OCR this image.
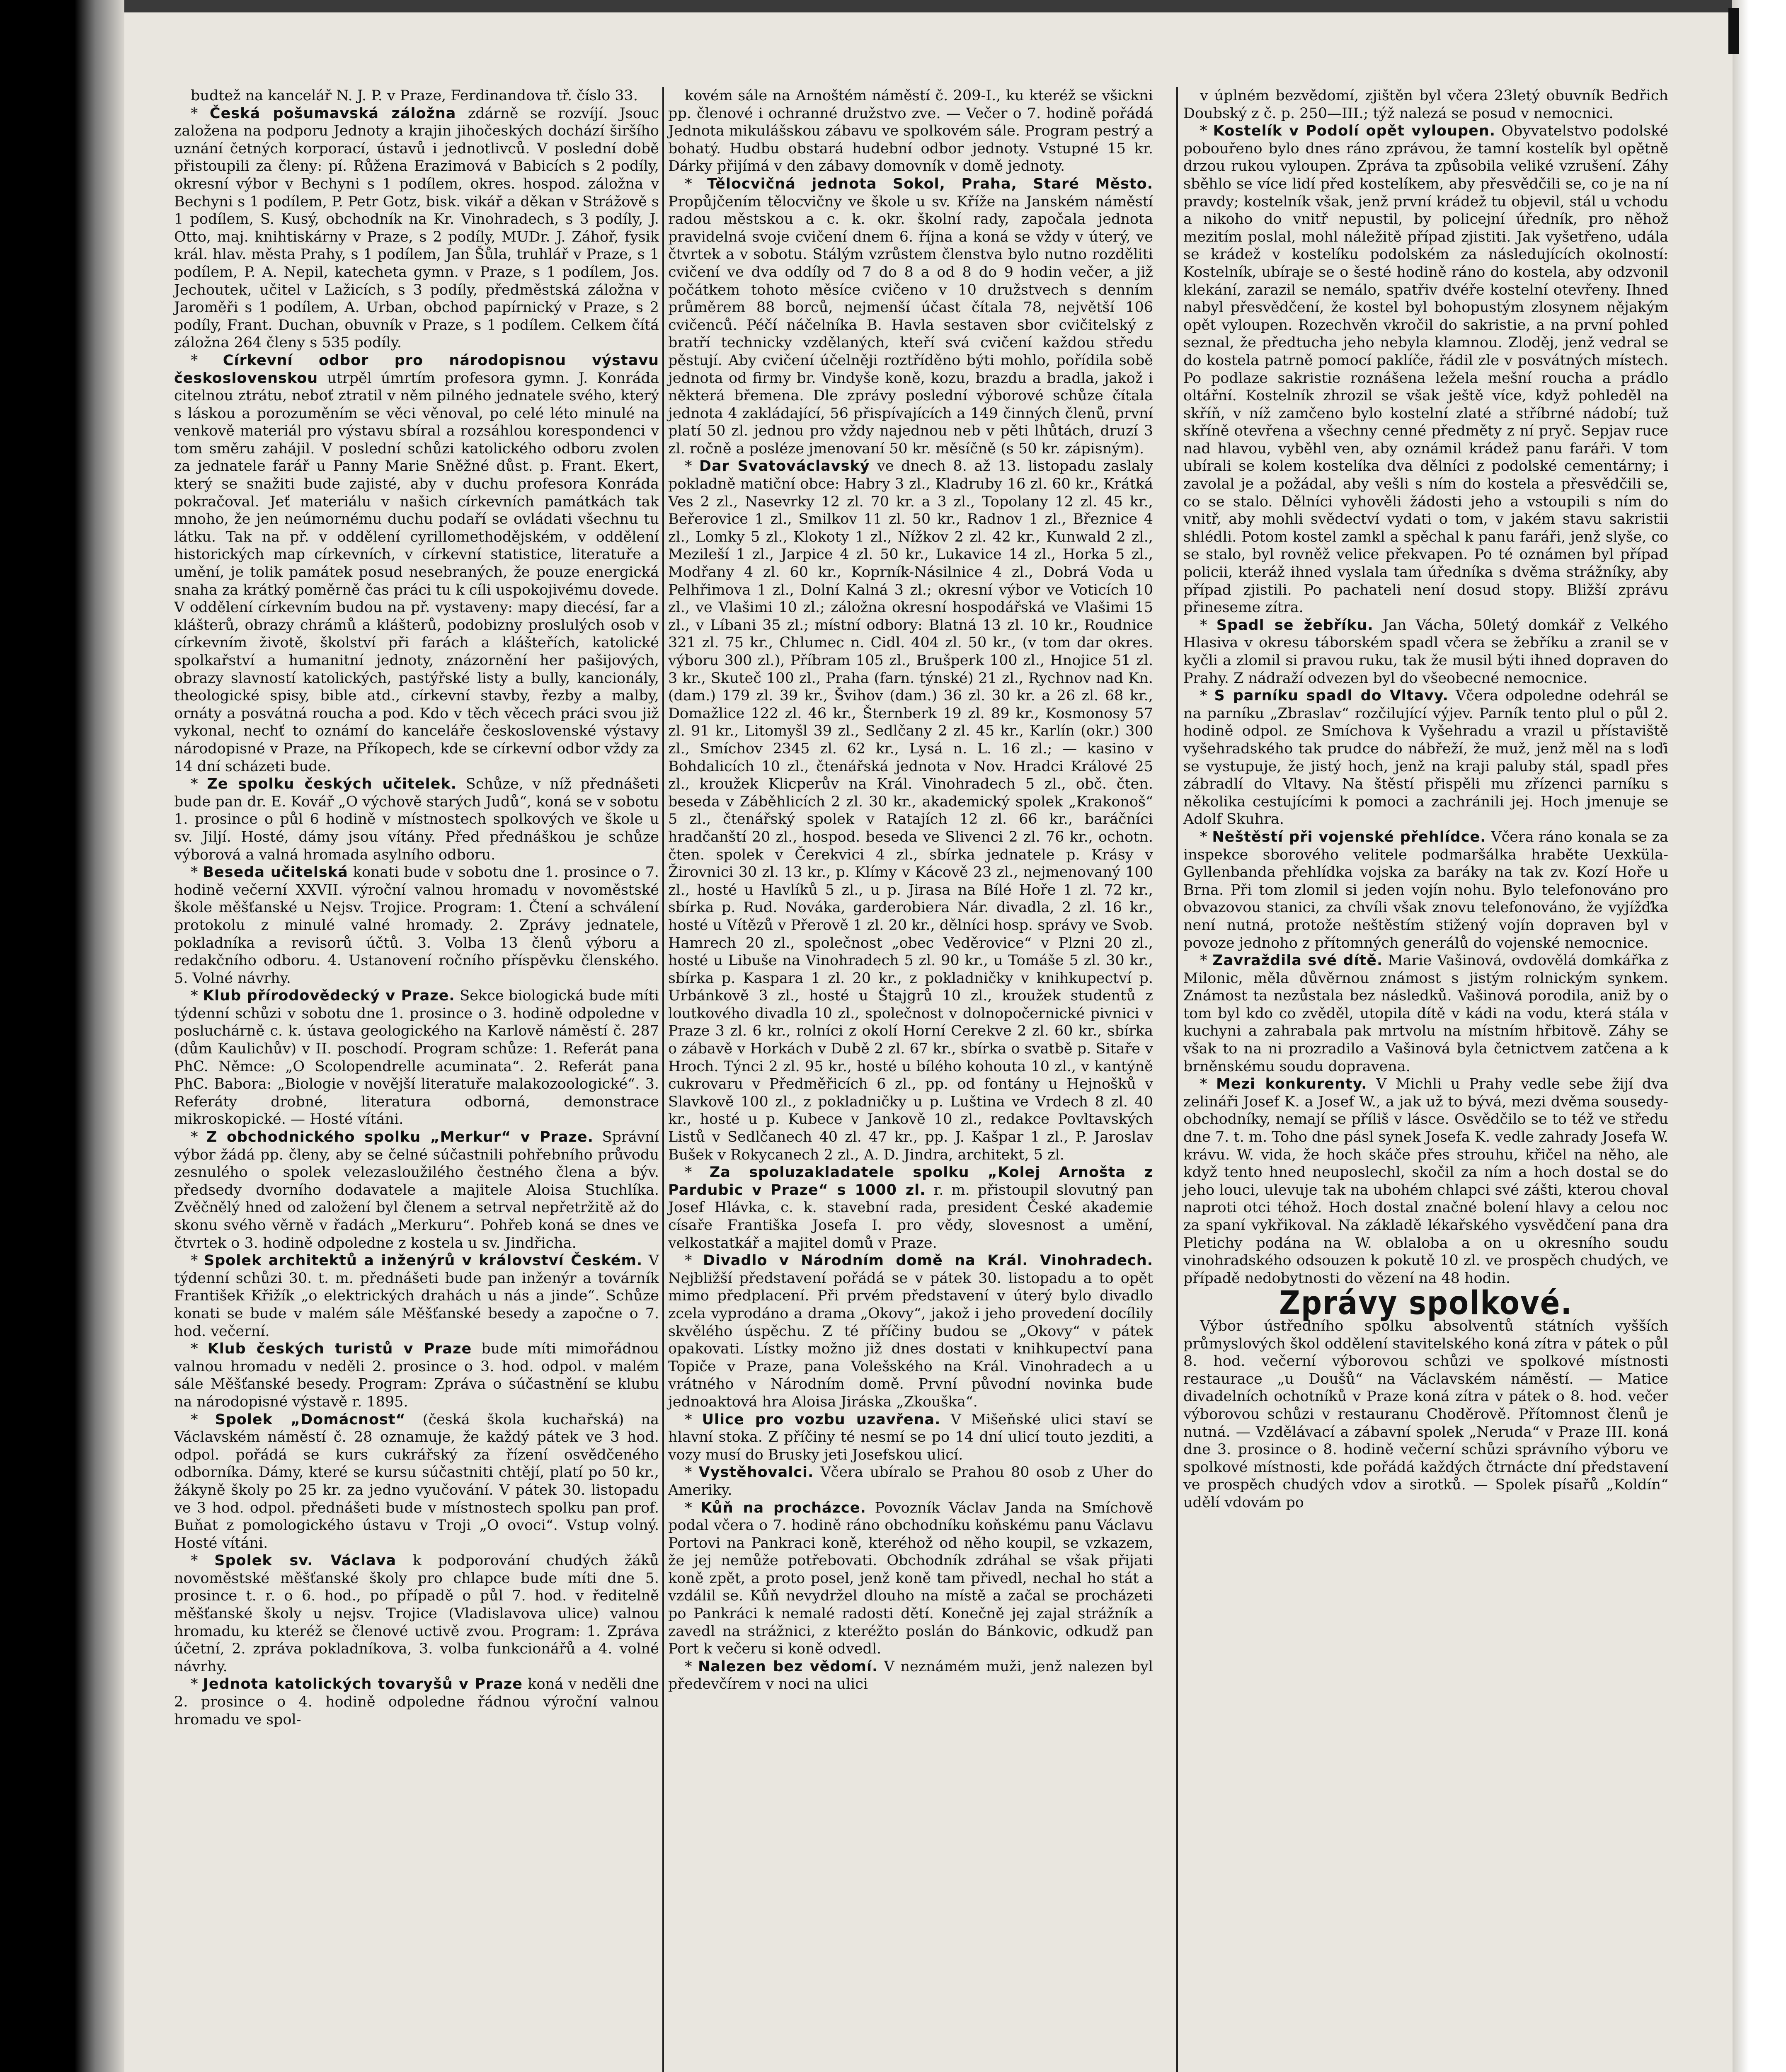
budtež na kancelář N. J. P. v Praze, Ferdinandova tř. číslo 33.

* Česká pošumavská záložna zdárně se rozvíjí. Jsouc založena na podporu Jednoty a krajin jihočeských dochází širšího uznání četných korporací, ústavů i jednotlivců. V poslední době přistoupili za členy: pí. Růžena Erazimová v Babicích s 2 podíly, okresní výbor v Bechyni s 1 podílem, okres. hospod. záložna v Bechyni s 1 podílem, P. Petr Gotz, bisk. vikář a děkan v Strážově s 1 podílem, S. Kusý, obchodník na Kr. Vinohradech, s 3 podíly, J. Otto, maj. knihtiskárny v Praze, s 2 podíly, MUDr. J. Záhoř, fysik král. hlav. města Prahy, s 1 podílem, Jan Šůla, truhlář v Praze, s 1 podílem, P. A. Nepil, katecheta gymn. v Praze, s 1 podílem, Jos. Jechoutek, učitel v Lažicích, s 3 podíly, předměstská záložna v Jaroměři s 1 podílem, A. Urban, obchod papírnický v Praze, s 2 podíly, Frant. Duchan, obuvník v Praze, s 1 podílem. Celkem čítá záložna 264 členy s 535 podíly.

* Církevní odbor pro národopisnou výstavu československou utrpěl úmrtím profesora gymn. J. Konráda citelnou ztrátu, neboť ztratil v něm pilného jednatele svého, který s láskou a porozuměním se věci věnoval, po celé léto minulé na venkově materiál pro výstavu sbíral a rozsáhlou korespondenci v tom směru zahájil. V poslední schůzi katolického odboru zvolen za jednatele farář u Panny Marie Sněžné důst. p. Frant. Ekert, který se snažiti bude zajisté, aby v duchu profesora Konráda pokračoval. Jeť materiálu v našich církevních památkách tak mnoho, že jen neúmornému duchu podaří se ovládati všechnu tu látku. Tak na př. v oddělení cyrillomethodějském, v oddělení historických map církevních, v církevní statistice, literatuře a umění, je tolik památek posud nesebraných, že pouze energická snaha za krátký poměrně čas práci tu k cíli uspokojivému dovede. V oddělení církevním budou na př. vystaveny: mapy diecésí, far a klášterů, obrazy chrámů a klášterů, podobizny proslulých osob v církevním životě, školství při farách a klášteřích, katolické spolkařství a humanitní jednoty, znázornění her pašijových, obrazy slavností katolických, pastýřské listy a bully, kancionály, theologické spisy, bible atd., církevní stavby, řezby a malby, ornáty a posvátná roucha a pod. Kdo v těch věcech práci svou již vykonal, nechť to oznámí do kanceláře československé výstavy národopisné v Praze, na Příkopech, kde se církevní odbor vždy za 14 dní scházeti bude.

* Ze spolku českých učitelek. Schůze, v níž přednášeti bude pan dr. E. Kovář „O výchově starých Judů“, koná se v sobotu 1. prosince o půl 6 hodině v místnostech spolkových ve škole u sv. Jiljí. Hosté, dámy jsou vítány. Před přednáškou je schůze výborová a valná hromada asylního odboru.

* Beseda učitelská konati bude v sobotu dne 1. prosince o 7. hodině večerní XXVII. výroční valnou hromadu v novoměstské škole měšťanské u Nejsv. Trojice. Program: 1. Čtení a schválení protokolu z minulé valné hromady. 2. Zprávy jednatele, pokladníka a revisorů účtů. 3. Volba 13 členů výboru a redakčního odboru. 4. Ustanovení ročního příspěvku členského. 5. Volné návrhy.

* Klub přírodovědecký v Praze. Sekce biologická bude míti týdenní schůzi v sobotu dne 1. prosince o 3. hodině odpoledne v posluchárně c. k. ústava geologického na Karlově náměstí č. 287 (dům Kaulichův) v II. poschodí. Program schůze: 1. Referát pana PhC. Němce: „O Scolopendrelle acuminata“. 2. Referát pana PhC. Babora: „Biologie v novější literatuře malakozoologické“. 3. Referáty drobné, literatura odborná, demonstrace mikroskopické. — Hosté vítáni.

* Z obchodnického spolku „Merkur“ v Praze. Správní výbor žádá pp. členy, aby se čelné súčastnili pohřebního průvodu zesnulého o spolek velezasloužilého čestného člena a býv. předsedy dvorního dodavatele a majitele Aloisa Stuchlíka. Zvěčnělý hned od založení byl členem a setrval nepřetržitě až do skonu svého věrně v řadách „Merkuru“. Pohřeb koná se dnes ve čtvrtek o 3. hodině odpoledne z kostela u sv. Jindřicha.

* Spolek architektů a inženýrů v království Českém. V týdenní schůzi 30. t. m. přednášeti bude pan inženýr a továrník František Křižík „o elektrických drahách u nás a jinde“. Schůze konati se bude v malém sále Měšťanské besedy a započne o 7. hod. večerní.

* Klub českých turistů v Praze bude míti mimořádnou valnou hromadu v neděli 2. prosince o 3. hod. odpol. v malém sále Měšťanské besedy. Program: Zpráva o súčastnění se klubu na národopisné výstavě r. 1895.

* Spolek „Domácnost“ (česká škola kuchařská) na Václavském náměstí č. 28 oznamuje, že každý pátek ve 3 hod. odpol. pořádá se kurs cukrářský za řízení osvědčeného odborníka. Dámy, které se kursu súčastniti chtějí, platí po 50 kr., žákyně školy po 25 kr. za jedno vyučování. V pátek 30. listopadu ve 3 hod. odpol. přednášeti bude v místnostech spolku pan prof. Buňat z pomologického ústavu v Troji „O ovoci“. Vstup volný. Hosté vítáni.

* Spolek sv. Václava k podporování chudých žáků novoměstské měšťanské školy pro chlapce bude míti dne 5. prosince t. r. o 6. hod., po případě o půl 7. hod. v ředitelně měšťanské školy u nejsv. Trojice (Vladislavova ulice) valnou hromadu, ku kteréž se členové uctivě zvou. Program: 1. Zpráva účetní, 2. zpráva pokladníkova, 3. volba funkcionářů a 4. volné návrhy.

* Jednota katolických tovaryšů v Praze koná v neděli dne 2. prosince o 4. hodině odpoledne řádnou výroční valnou hromadu ve spol-

kovém sále na Arnoštém náměstí č. 209-I., ku kteréž se všickni pp. členové i ochranné družstvo zve. — Večer o 7. hodině pořádá Jednota mikulášskou zábavu ve spolkovém sále. Program pestrý a bohatý. Hudbu obstará hudební odbor jednoty. Vstupné 15 kr. Dárky přijímá v den zábavy domovník v domě jednoty.

* Tělocvičná jednota Sokol, Praha, Staré Město. Propůjčením tělocvičny ve škole u sv. Kříže na Janském náměstí radou městskou a c. k. okr. školní rady, započala jednota pravidelná svoje cvičení dnem 6. října a koná se vždy v úterý, ve čtvrtek a v sobotu. Stálým vzrůstem členstva bylo nutno rozděliti cvičení ve dva oddíly od 7 do 8 a od 8 do 9 hodin večer, a již počátkem tohoto měsíce cvičeno v 10 družstvech s denním průměrem 88 borců, nejmenší účast čítala 78, největší 106 cvičenců. Péčí náčelníka B. Havla sestaven sbor cvičitelský z bratří technicky vzdělaných, kteří svá cvičení každou středu pěstují. Aby cvičení účelněji roztříděno býti mohlo, pořídila sobě jednota od firmy br. Vindyše koně, kozu, brazdu a bradla, jakož i některá břemena. Dle zprávy poslední výborové schůze čítala jednota 4 zakládající, 56 přispívajících a 149 činných členů, první platí 50 zl. jednou pro vždy najednou neb v pěti lhůtách, druzí 3 zl. ročně a posléze jmenovaní 50 kr. měsíčně (s 50 kr. zápisným).

* Dar Svatováclavský ve dnech 8. až 13. listopadu zaslaly pokladně matiční obce: Habry 3 zl., Kladruby 16 zl. 60 kr., Krátká Ves 2 zl., Nasevrky 12 zl. 70 kr. a 3 zl., Topolany 12 zl. 45 kr., Beřerovice 1 zl., Smilkov 11 zl. 50 kr., Radnov 1 zl., Březnice 4 zl., Lomky 5 zl., Klokoty 1 zl., Nížkov 2 zl. 42 kr., Kunwald 2 zl., Mezileší 1 zl., Jarpice 4 zl. 50 kr., Lukavice 14 zl., Horka 5 zl., Modřany 4 zl. 60 kr., Koprník-Násilnice 4 zl., Dobrá Voda u Pelhřimova 1 zl., Dolní Kalná 3 zl.; okresní výbor ve Voticích 10 zl., ve Vlašimi 10 zl.; záložna okresní hospodářská ve Vlašimi 15 zl., v Líbani 35 zl.; místní odbory: Blatná 13 zl. 10 kr., Roudnice 321 zl. 75 kr., Chlumec n. Cidl. 404 zl. 50 kr., (v tom dar okres. výboru 300 zl.), Příbram 105 zl., Brušperk 100 zl., Hnojice 51 zl. 3 kr., Skuteč 100 zl., Praha (farn. týnské) 21 zl., Rychnov nad Kn. (dam.) 179 zl. 39 kr., Švihov (dam.) 36 zl. 30 kr. a 26 zl. 68 kr., Domažlice 122 zl. 46 kr., Šternberk 19 zl. 89 kr., Kosmonosy 57 zl. 91 kr., Litomyšl 39 zl., Sedlčany 2 zl. 45 kr., Karlín (okr.) 300 zl., Smíchov 2345 zl. 62 kr., Lysá n. L. 16 zl.; — kasino v Bohdalicích 10 zl., čtenářská jednota v Nov. Hradci Králové 25 zl., kroužek Klicperův na Král. Vinohradech 5 zl., obč. čten. beseda v Záběhlicích 2 zl. 30 kr., akademický spolek „Krakonoš“ 5 zl., čtenářský spolek v Ratajích 12 zl. 66 kr., baráčníci hradčanští 20 zl., hospod. beseda ve Slivenci 2 zl. 76 kr., ochotn. čten. spolek v Čerekvici 4 zl., sbírka jednatele p. Krásy v Žirovnici 30 zl. 13 kr., p. Klímy v Kácově 23 zl., nejmenovaný 100 zl., hosté u Havlíků 5 zl., u p. Jirasa na Bílé Hoře 1 zl. 72 kr., sbírka p. Rud. Nováka, garderobiera Nár. divadla, 2 zl. 16 kr., hosté u Vítězů v Přerově 1 zl. 20 kr., dělníci hosp. správy ve Svob. Hamrech 20 zl., společnost „obec Veděrovice“ v Plzni 20 zl., hosté u Libuše na Vinohradech 5 zl. 90 kr., u Tomáše 5 zl. 30 kr., sbírka p. Kaspara 1 zl. 20 kr., z pokladničky v knihkupectví p. Urbánkově 3 zl., hosté u Štajgrů 10 zl., kroužek studentů z loutkového divadla 10 zl., společnost v dolnopočernické pivnici v Praze 3 zl. 6 kr., rolníci z okolí Horní Cerekve 2 zl. 60 kr., sbírka o zábavě v Horkách v Dubě 2 zl. 67 kr., sbírka o svatbě p. Sitaře v Hroch. Týnci 2 zl. 95 kr., hosté u bílého kohouta 10 zl., v kantýně cukrovaru v Předměřicích 6 zl., pp. od fontány u Hejnošků v Slavkově 100 zl., z pokladničky u p. Luština ve Vrdech 8 zl. 40 kr., hosté u p. Kubece v Jankově 10 zl., redakce Povltavských Listů v Sedlčanech 40 zl. 47 kr., pp. J. Kašpar 1 zl., P. Jaroslav Bušek v Rokycanech 2 zl., A. D. Jindra, architekt, 5 zl.

* Za spoluzakladatele spolku „Kolej Arnošta z Pardubic v Praze“ s 1000 zl. r. m. přistoupil slovutný pan Josef Hlávka, c. k. stavební rada, president České akademie císaře Františka Josefa I. pro vědy, slovesnost a umění, velkostatkář a majitel domů v Praze.

* Divadlo v Národním domě na Král. Vinohradech. Nejbližší představení pořádá se v pátek 30. listopadu a to opět mimo předplacení. Při prvém představení v úterý bylo divadlo zcela vyprodáno a drama „Okovy“, jakož i jeho provedení docílily skvělého úspěchu. Z té příčiny budou se „Okovy“ v pátek opakovati. Lístky možno již dnes dostati v knihkupectví pana Topiče v Praze, pana Volešského na Král. Vinohradech a u vrátného v Národním domě. První původní novinka bude jednoaktová hra Aloisa Jiráska „Zkouška“.

* Ulice pro vozbu uzavřena. V Mišeňské ulici staví se hlavní stoka. Z příčiny té nesmí se po 14 dní ulicí touto jezditi, a vozy musí do Brusky jeti Josefskou ulicí.

* Vystěhovalci. Včera ubíralo se Prahou 80 osob z Uher do Ameriky.

* Kůň na procházce. Povozník Václav Janda na Smíchově podal včera o 7. hodině ráno obchodníku koňskému panu Václavu Portovi na Pankraci koně, kteréhož od něho koupil, se vzkazem, že jej nemůže potřebovati. Obchodník zdráhal se však přijati koně zpět, a proto posel, jenž koně tam přivedl, nechal ho stát a vzdálil se. Kůň nevydržel dlouho na místě a začal se procházeti po Pankráci k nemalé radosti dětí. Konečně jej zajal strážník a zavedl na strážnici, z kteréžto poslán do Bánkovic, odkudž pan Port k večeru si koně odvedl.

* Nalezen bez vědomí. V neznámém muži, jenž nalezen byl předevčírem v noci na ulici

v úplném bezvědomí, zjištěn byl včera 23letý obuvník Bedřich Doubský z č. p. 250—III.; týž nalezá se posud v nemocnici.

* Kostelík v Podolí opět vyloupen. Obyvatelstvo podolské pobouřeno bylo dnes ráno zprávou, že tamní kostelík byl opětně drzou rukou vyloupen. Zpráva ta způsobila veliké vzrušení. Záhy sběhlo se více lidí před kostelíkem, aby přesvědčili se, co je na ní pravdy; kostelník však, jenž první krádež tu objevil, stál u vchodu a nikoho do vnitř nepustil, by policejní úředník, pro něhož mezitím poslal, mohl náležitě případ zjistiti. Jak vyšetřeno, udála se krádež v kostelíku podolském za následujících okolností: Kostelník, ubíraje se o šesté hodině ráno do kostela, aby odzvonil klekání, zarazil se nemálo, spatřiv dvéře kostelní otevřeny. Ihned nabyl přesvědčení, že kostel byl bohopustým zlosynem nějakým opět vyloupen. Rozechvěn vkročil do sakristie, a na první pohled seznal, že předtucha jeho nebyla klamnou. Zloděj, jenž vedral se do kostela patrně pomocí paklíče, řádil zle v posvátných místech. Po podlaze sakristie roznášena ležela mešní roucha a prádlo oltářní. Kostelník zhrozil se však ještě více, když pohleděl na skříň, v níž zamčeno bylo kostelní zlaté a stříbrné nádobí; tuž skříně otevřena a všechny cenné předměty z ní pryč. Sepjav ruce nad hlavou, vyběhl ven, aby oznámil krádež panu faráři. V tom ubírali se kolem kostelíka dva dělníci z podolské cementárny; i zavolal je a požádal, aby vešli s ním do kostela a přesvědčili se, co se stalo. Dělníci vyhověli žádosti jeho a vstoupili s ním do vnitř, aby mohli svědectví vydati o tom, v jakém stavu sakristii shlédli. Potom kostel zamkl a spěchal k panu faráři, jenž slyše, co se stalo, byl rovněž velice překvapen. Po té oznámen byl případ policii, kteráž ihned vyslala tam úředníka s dvěma strážníky, aby případ zjistili. Po pachateli není dosud stopy. Bližší zprávu přineseme zítra.

* Spadl se žebříku. Jan Vácha, 50letý domkář z Velkého Hlasiva v okresu táborském spadl včera se žebříku a zranil se v kyčli a zlomil si pravou ruku, tak že musil býti ihned dopraven do Prahy. Z nádraží odvezen byl do všeobecné nemocnice.

* S parníku spadl do Vltavy. Včera odpoledne odehrál se na parníku „Zbraslav“ rozčilující výjev. Parník tento plul o půl 2. hodině odpol. ze Smíchova k Vyšehradu a vrazil u přístaviště vyšehradského tak prudce do nábřeží, že muž, jenž měl na s loďi se vystupuje, že jistý hoch, jenž na kraji paluby stál, spadl přes zábradlí do Vltavy. Na štěstí přispěli mu zřízenci parníku s několika cestujícími k pomoci a zachránili jej. Hoch jmenuje se Adolf Skuhra.

* Neštěstí při vojenské přehlídce. Včera ráno konala se za inspekce sborového velitele podmaršálka hraběte Uexküla-Gyllenbanda přehlídka vojska za baráky na tak zv. Kozí Hoře u Brna. Při tom zlomil si jeden vojín nohu. Bylo telefonováno pro obvazovou stanici, za chvíli však znovu telefonováno, že vyjížďka není nutná, protože neštěstím stižený vojín dopraven byl v povoze jednoho z přítomných generálů do vojenské nemocnice.

* Zavraždila své dítě. Marie Vašinová, ovdovělá domkářka z Milonic, měla důvěrnou známost s jistým rolnickým synkem. Známost ta nezůstala bez následků. Vašinová porodila, aniž by o tom byl kdo co zvěděl, utopila dítě v kádi na vodu, která stála v kuchyni a zahrabala pak mrtvolu na místním hřbitově. Záhy se však to na ni prozradilo a Vašinová byla četnictvem zatčena a k brněnskému soudu dopravena.

* Mezi konkurenty. V Michli u Prahy vedle sebe žijí dva zelináři Josef K. a Josef W., a jak už to bývá, mezi dvěma sousedy-obchodníky, nemají se příliš v lásce. Osvědčilo se to též ve středu dne 7. t. m. Toho dne pásl synek Josefa K. vedle zahrady Josefa W. krávu. W. vida, že hoch skáče přes strouhu, křičel na něho, ale když tento hned neuposlechl, skočil za ním a hoch dostal se do jeho louci, ulevuje tak na ubohém chlapci své zášti, kterou choval naproti otci téhož. Hoch dostal značné bolení hlavy a celou noc za spaní vykřikoval. Na základě lékařského vysvědčení pana dra Pletichy podána na W. oblaloba a on u okresního soudu vinohradského odsouzen k pokutě 10 zl. ve prospěch chudých, ve případě nedobytnosti do vězení na 48 hodin.

Zprávy spolkové.

Výbor ústředního spolku absolventů státních vyšších průmyslových škol oddělení stavitelského koná zítra v pátek o půl 8. hod. večerní výborovou schůzi ve spolkové místnosti restaurace „u Doušů“ na Václavském náměstí. — Matice divadelních ochotníků v Praze koná zítra v pátek o 8. hod. večer výborovou schůzi v restauranu Choděrově. Přítomnost členů je nutná. — Vzdělávací a zábavní spolek „Neruda“ v Praze III. koná dne 3. prosince o 8. hodině večerní schůzi správního výboru ve spolkové místnosti, kde pořádá každých čtrnácte dní představení ve prospěch chudých vdov a sirotků. — Spolek písařů „Koldín“ udělí vdovám po
